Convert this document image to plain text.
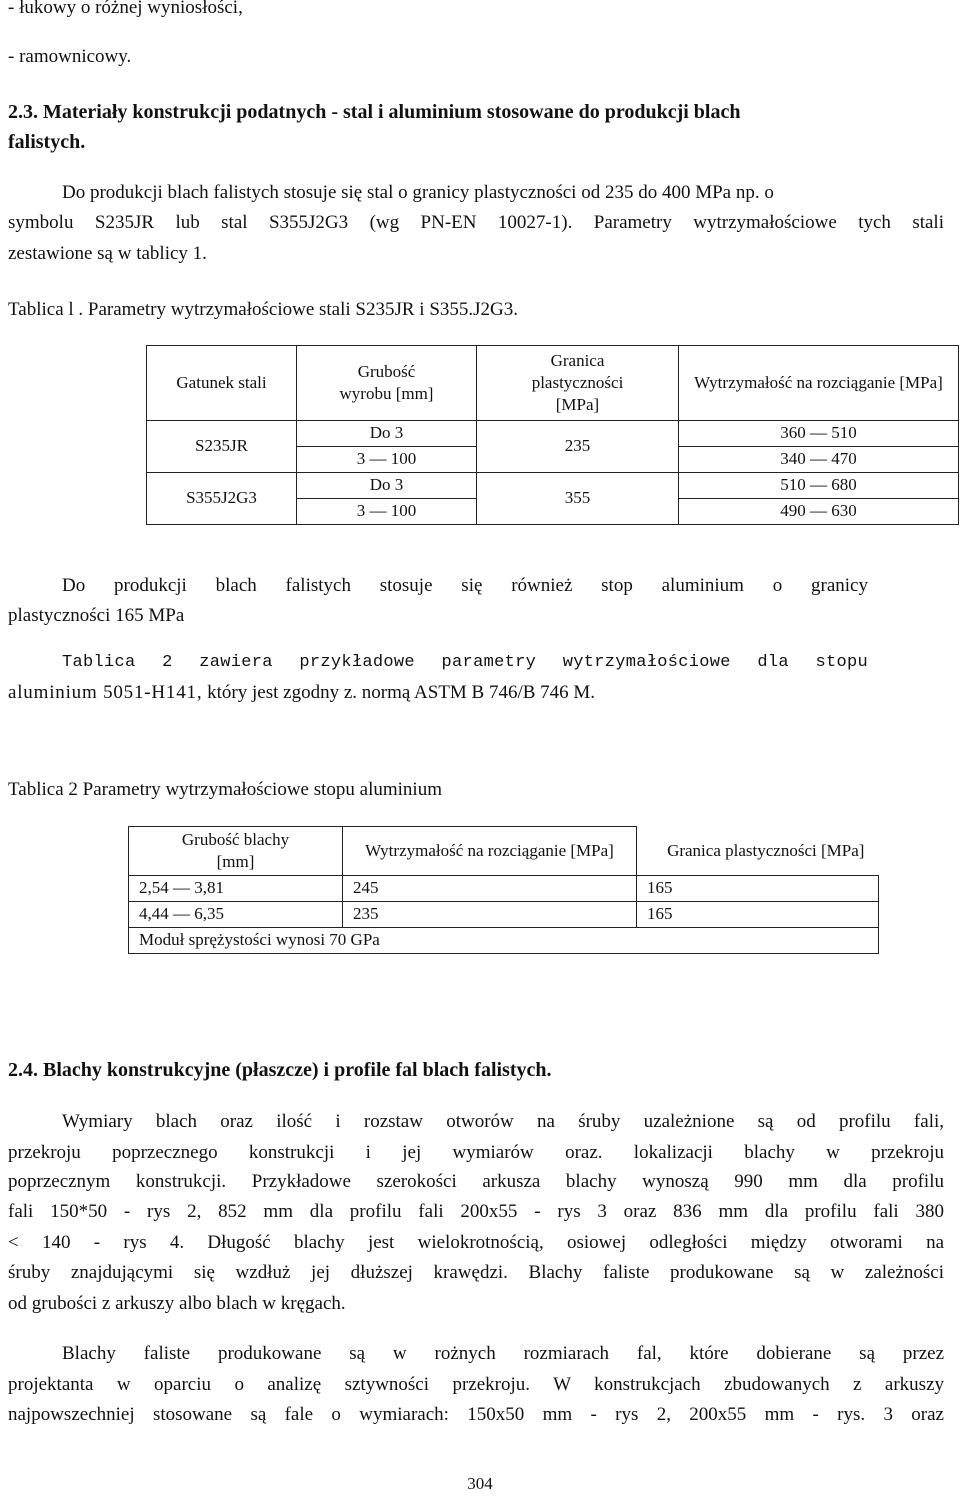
- łukowy o różnej wyniosłości,
- ramownicowy.
2.3. Materiały konstrukcji podatnych - stal i aluminium stosowane do produkcji blach
falistych.
Do produkcji blach falistych stosuje się stal o granicy plastyczności od 235 do 400 MPa np. o
symbolu S235JR lub stal S355J2G3 (wg PN-EN 10027-1). Parametry wytrzymałościowe tych stali
zestawione są w tablicy 1.
Tablica l . Parametry wytrzymałościowe stali S235JR i S355.J2G3.
Gatunek stali	Grubość wyrobu [mm]	Granica plastyczności [MPa]	Wytrzymałość na rozciąganie [MPa]
S235JR	Do 3	235	360 — 510
	3 — 100		340 — 470
S355J2G3	Do 3	355	510 — 680
	3 — 100		490 — 630
Do produkcji blach falistych stosuje się również stop aluminium o granicy
plastyczności 165 MPa
Tablica 2 zawiera przykładowe parametry wytrzymałościowe dla stopu
aluminium 5051-H141, który jest zgodny z. normą ASTM B 746/B 746 M.
Tablica 2 Parametry wytrzymałościowe stopu aluminium
Grubość blachy [mm]	Wytrzymałość na rozciąganie [MPa]	Granica plastyczności [MPa]
2,54 — 3,81	245	165
4,44 — 6,35	235	165
Moduł sprężystości wynosi 70 GPa		
2.4. Blachy konstrukcyjne (płaszcze) i profile fal blach falistych.
Wymiary blach oraz ilość i rozstaw otworów na śruby uzależnione są od profilu fali,
przekroju poprzecznego konstrukcji i jej wymiarów oraz. lokalizacji blachy w przekroju
poprzecznym konstrukcji. Przykładowe szerokości arkusza blachy wynoszą 990 mm dla profilu
fali 150*50 - rys 2, 852 mm dla profilu fali 200x55 - rys 3 oraz 836 mm dla profilu fali 380
< 140 - rys 4. Długość blachy jest wielokrotnością, osiowej odległości między otworami na
śruby znajdującymi się wzdłuż jej dłuższej krawędzi. Blachy faliste produkowane są w zależności
od grubości z arkuszy albo blach w kręgach.
Blachy faliste produkowane są w rożnych rozmiarach fal, które dobierane są przez
projektanta w oparciu o analizę sztywności przekroju. W konstrukcjach zbudowanych z arkuszy
najpowszechniej stosowane są fale o wymiarach: 150x50 mm - rys 2, 200x55 mm - rys. 3 oraz
304
